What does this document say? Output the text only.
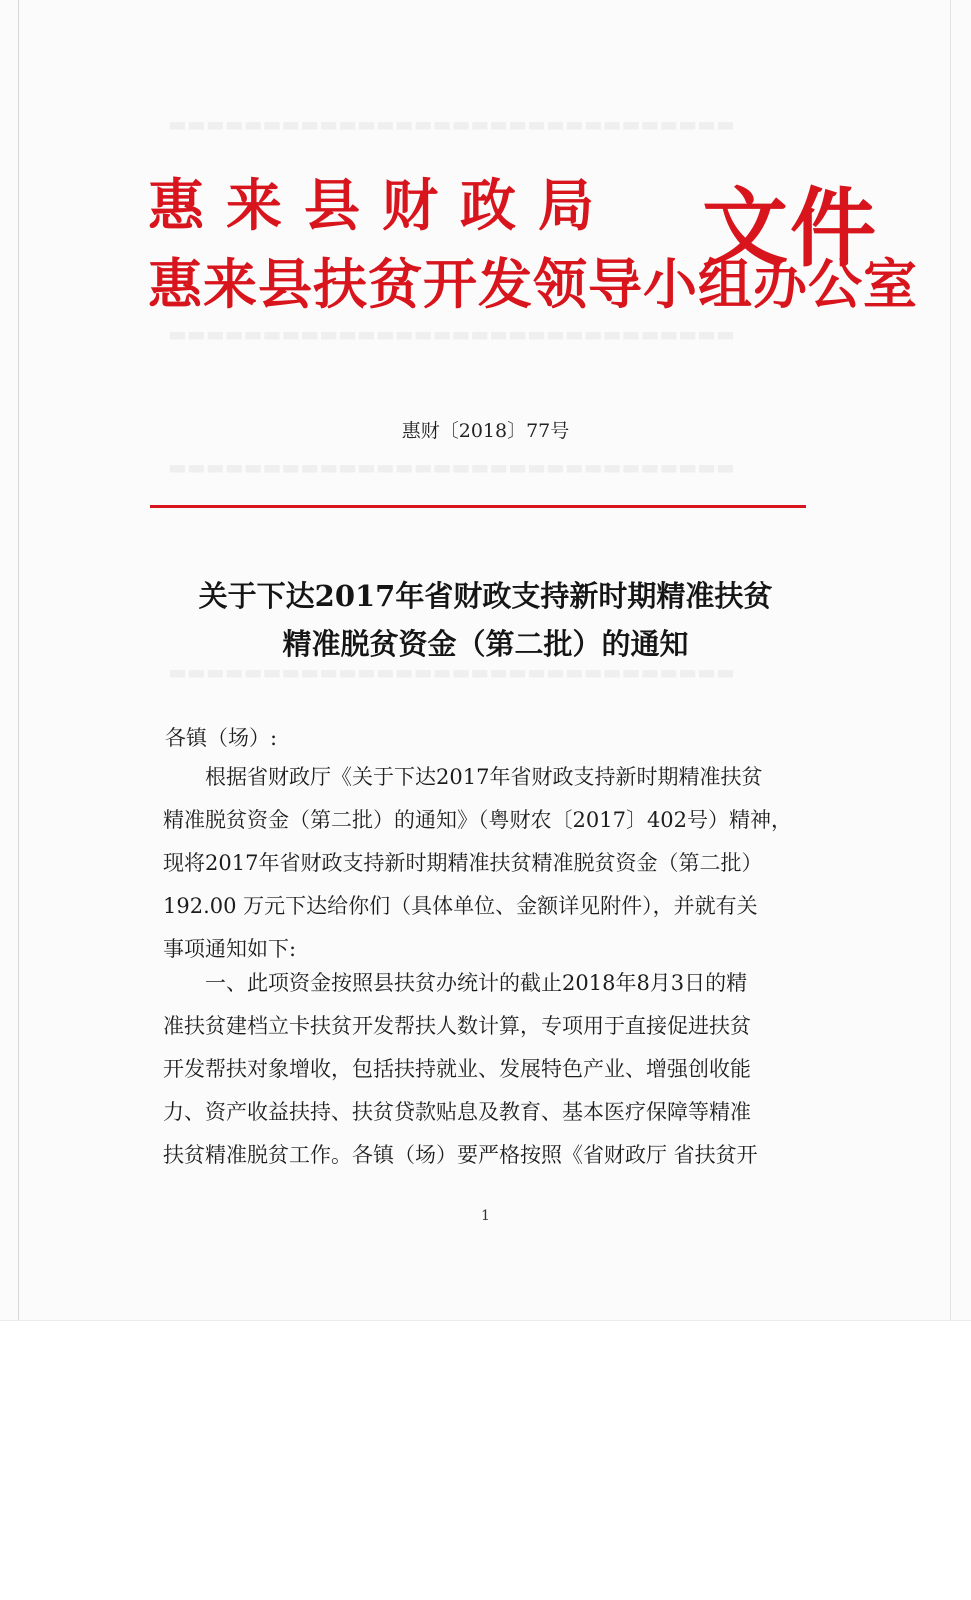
▬▬▬▬▬▬▬▬▬▬▬▬▬▬▬▬▬▬▬▬▬▬▬▬▬▬▬▬▬▬
▬▬▬▬▬▬▬▬▬▬▬▬▬▬▬▬▬▬▬▬▬▬▬▬▬▬▬▬▬▬
▬▬▬▬▬▬▬▬▬▬▬▬▬▬▬▬▬▬▬▬▬▬▬▬▬▬▬▬▬▬
▬▬▬▬▬▬▬▬▬▬▬▬▬▬▬▬▬▬▬▬▬▬▬▬▬▬▬▬▬▬
惠来县财政局
惠来县扶贫开发领导小组办公室
文件
惠财〔2018〕77号
关于下达2017年省财政支持新时期精准扶贫
精准脱贫资金（第二批）的通知
各镇（场）:
根据省财政厅《关于下达2017年省财政支持新时期精准扶贫
精准脱贫资金（第二批）的通知》（粤财农〔2017〕402号）精神，
现将2017年省财政支持新时期精准扶贫精准脱贫资金（第二批）
192.00 万元下达给你们（具体单位、金额详见附件），并就有关
事项通知如下:
一、此项资金按照县扶贫办统计的截止2018年8月3日的精
准扶贫建档立卡扶贫开发帮扶人数计算，专项用于直接促进扶贫
开发帮扶对象增收，包括扶持就业、发展特色产业、增强创收能
力、资产收益扶持、扶贫贷款贴息及教育、基本医疗保障等精准
扶贫精准脱贫工作。各镇（场）要严格按照《省财政厅 省扶贫开
1
